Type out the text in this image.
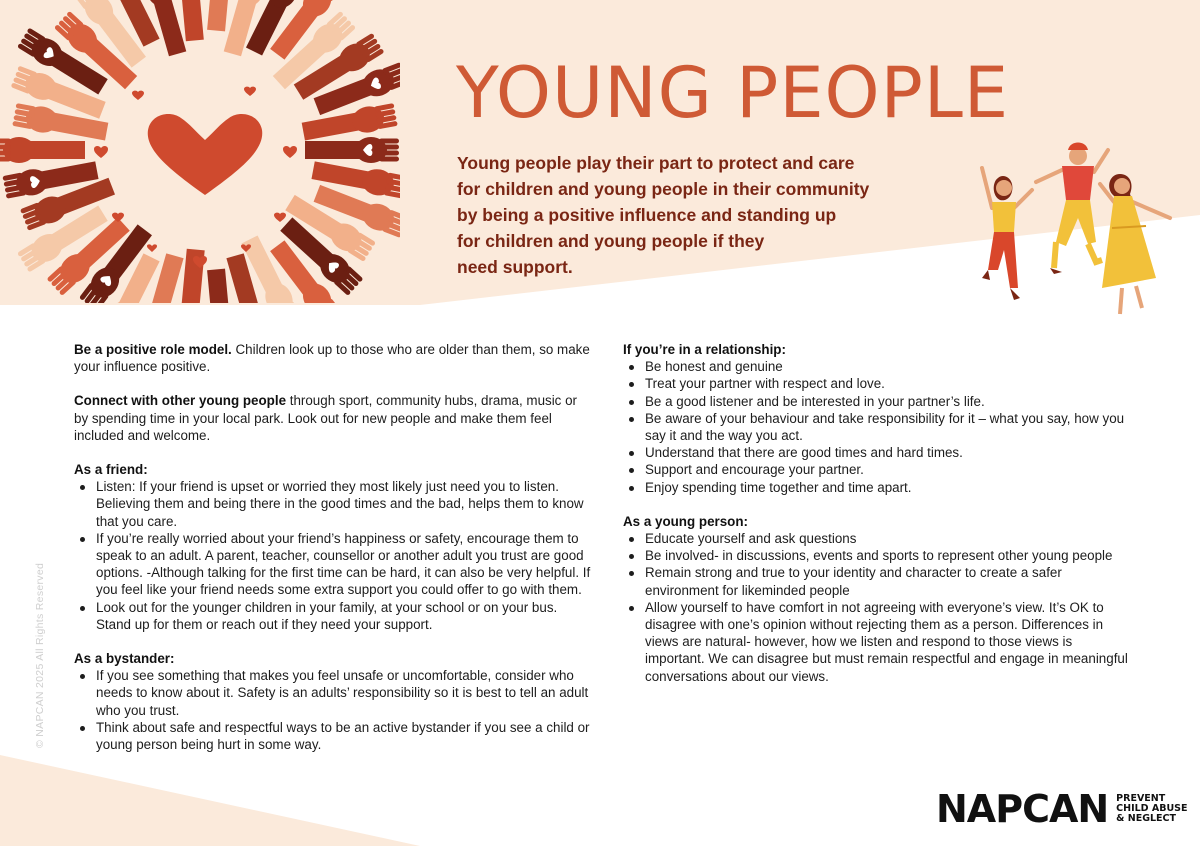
YOUNG PEOPLE
Young people play their part to protect and care
for children and young people in their community
by being a positive influence and standing up
for children and young people if they
need support.

Be a positive role model. Children look up to those who are older than them, so make your influence positive.

Connect with other young people through sport, community hubs, drama, music or by spending time in your local park. Look out for new people and make them feel included and welcome.

As a friend:
Listen: If your friend is upset or worried they most likely just need you to listen. Believing them and being there in the good times and the bad, helps them to know that you care.
If you’re really worried about your friend’s happiness or safety, encourage them to speak to an adult. A parent, teacher, counsellor or another adult you trust are good options. -Although talking for the first time can be hard, it can also be very helpful. If you feel like your friend needs some extra support you could offer to go with them.
Look out for the younger children in your family, at your school or on your bus. Stand up for them or reach out if they need your support.
As a bystander:
If you see something that makes you feel unsafe or uncomfortable, consider who needs to know about it. Safety is an adults’ responsibility so it is best to tell an adult who you trust.
Think about safe and respectful ways to be an active bystander if you see a child or young person being hurt in some way.
If you’re in a relationship:
Be honest and genuine
Treat your partner with respect and love.
Be a good listener and be interested in your partner’s life.
Be aware of your behaviour and take responsibility for it – what you say, how you say it and the way you act.
Understand that there are good times and hard times.
Support and encourage your partner.
Enjoy spending time together and time apart.
As a young person:
Educate yourself and ask questions
Be involved- in discussions, events and sports to represent other young people
Remain strong and true to your identity and character to create a safer environment for likeminded people
Allow yourself to have comfort in not agreeing with everyone’s view. It’s OK to disagree with one’s opinion without rejecting them as a person. Differences in views are natural- however, how we listen and respond to those views is important. We can disagree but must remain respectful and engage in meaningful conversations about our views.
© NAPCAN 2025 All Rights Reserved
NAPCAN PREVENT
CHILD ABUSE
& NEGLECT
